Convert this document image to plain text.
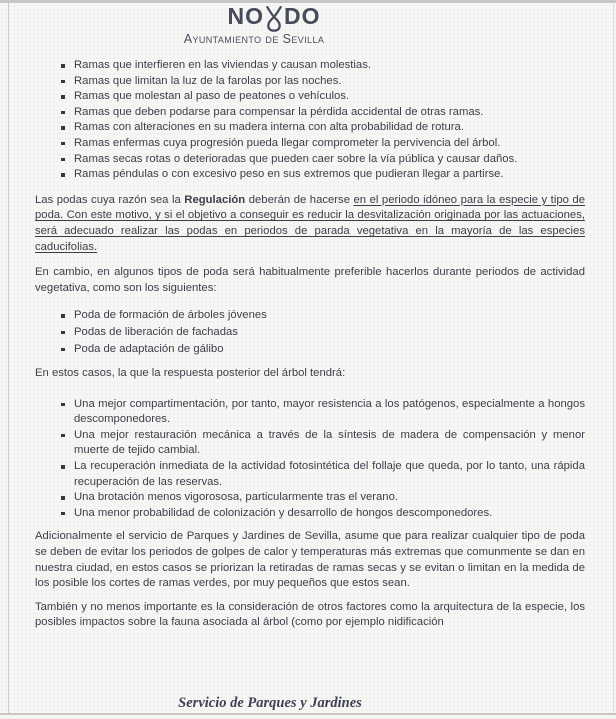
NO DO
Ayuntamiento de Sevilla
Ramas que interfieren en las viviendas y causan molestias.
Ramas que limitan la luz de la farolas por las noches.
Ramas que molestan al paso de peatones o vehículos.
Ramas que deben podarse para compensar la pérdida accidental de otras ramas.
Ramas con alteraciones en su madera interna con alta probabilidad de rotura.
Ramas enfermas cuya progresión pueda llegar comprometer la pervivencia del árbol.
Ramas secas rotas o deterioradas que pueden caer sobre la vía pública y causar daños.
Ramas péndulas o con excesivo peso en sus extremos que pudieran llegar a partirse.

Las podas cuya razón sea la Regulación deberán de hacerse en el periodo idóneo para la especie y tipo de poda. Con este motivo, y si el objetivo a conseguir es reducir la desvitalización originada por las actuaciones, será adecuado realizar las podas en periodos de parada vegetativa en la mayoría de las especies caducifolias.

En cambio, en algunos tipos de poda será habitualmente preferible hacerlos durante periodos de actividad vegetativa, como son los siguientes:

Poda de formación de árboles jóvenes
Podas de liberación de fachadas
Poda de adaptación de gálibo

En estos casos, la que la respuesta posterior del árbol tendrá:

Una mejor compartimentación, por tanto, mayor resistencia a los patógenos, especialmente a hongos descomponedores.
Una mejor restauración mecánica a través de la síntesis de madera de compensación y menor muerte de tejido cambial.
La recuperación inmediata de la actividad fotosintética del follaje que queda, por lo tanto, una rápida recuperación de las reservas.
Una brotación menos vigorososa, particularmente tras el verano.
Una menor probabilidad de colonización y desarrollo de hongos descomponedores.

Adicionalmente el servicio de Parques y Jardines de Sevilla, asume que para realizar cualquier tipo de poda se deben de evitar los periodos de golpes de calor y temperaturas más extremas que comunmente se dan en nuestra ciudad, en estos casos se priorizan la retiradas de ramas secas y se evitan o limitan en la medida de los posible los cortes de ramas verdes, por muy pequeños que estos sean.

También y no menos importante es la consideración de otros factores como la arquitectura de la especie, los posibles impactos sobre la fauna asociada al árbol (como por ejemplo nidificación

Servicio de Parques y Jardines
